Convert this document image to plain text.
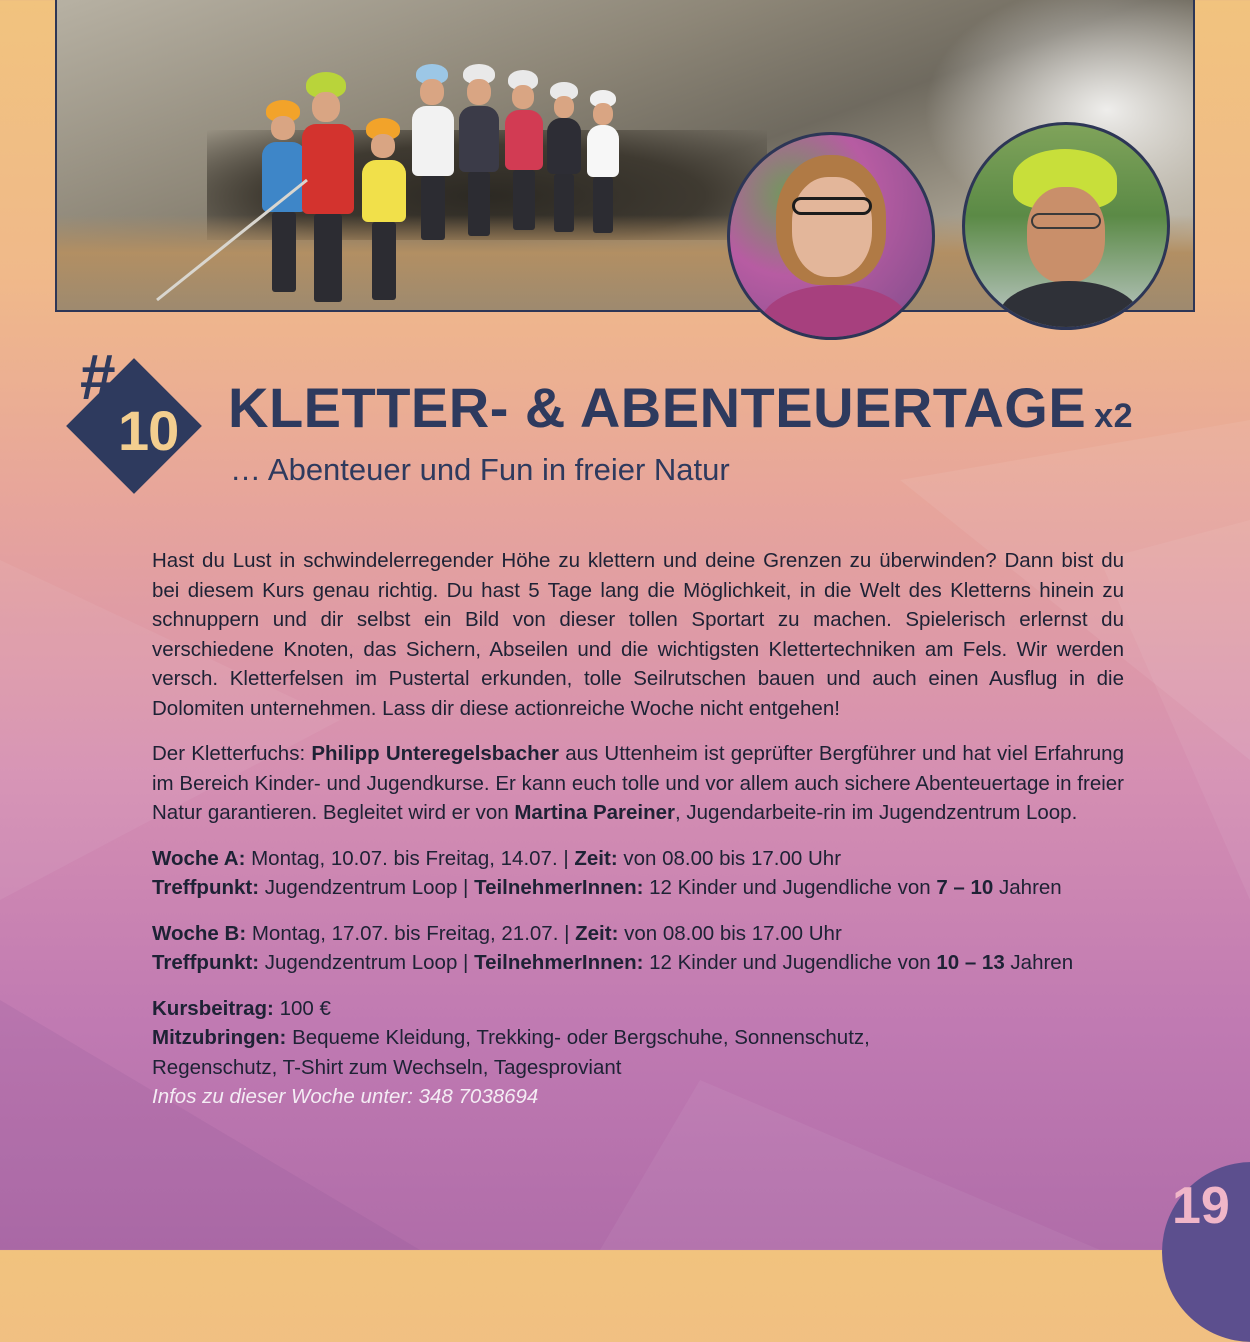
#
10 KLETTER- & ABENTEUERTAGE x2
… Abenteuer und Fun in freier Natur

Hast du Lust in schwindelerregender Höhe zu klettern und deine Grenzen zu überwinden? Dann bist du bei diesem Kurs genau richtig. Du hast 5 Tage lang die Möglichkeit, in die Welt des Kletterns hinein zu schnuppern und dir selbst ein Bild von dieser tollen Sportart zu machen. Spielerisch erlernst du verschiedene Knoten, das Sichern, Abseilen und die wichtigsten Klettertechniken am Fels. Wir werden versch. Kletterfelsen im Pustertal erkunden, tolle Seilrutschen bauen und auch einen Ausflug in die Dolomiten unternehmen. Lass dir diese actionreiche Woche nicht entgehen!

Der Kletterfuchs: Philipp Unteregelsbacher aus Uttenheim ist geprüfter Bergführer und hat viel Erfahrung im Bereich Kinder- und Jugendkurse. Er kann euch tolle und vor allem auch sichere Abenteuertage in freier Natur garantieren. Begleitet wird er von Martina Pareiner, Jugendarbeite-rin im Jugendzentrum Loop.

Woche A: Montag, 10.07. bis Freitag, 14.07. | Zeit: von 08.00 bis 17.00 Uhr

Treffpunkt: Jugendzentrum Loop | TeilnehmerInnen: 12 Kinder und Jugendliche von 7 – 10 Jahren

Woche B: Montag, 17.07. bis Freitag, 21.07. | Zeit: von 08.00 bis 17.00 Uhr

Treffpunkt: Jugendzentrum Loop | TeilnehmerInnen: 12 Kinder und Jugendliche von 10 – 13 Jahren

Kursbeitrag: 100 €

Mitzubringen: Bequeme Kleidung, Trekking- oder Bergschuhe, Sonnenschutz,

Regenschutz, T-Shirt zum Wechseln, Tagesproviant

Infos zu dieser Woche unter: 348 7038694

19
